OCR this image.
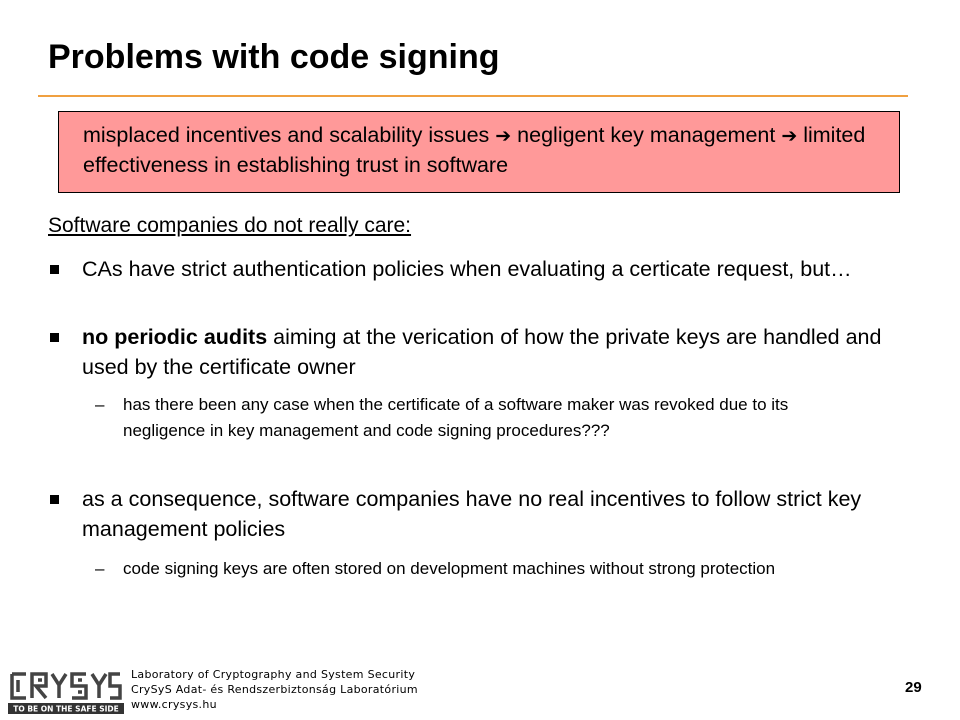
Problems with code signing
misplaced incentives and scalability issues ➔ negligent key management ➔ limited effectiveness in establishing trust in software
Software companies do not really care:
CAs have strict authentication policies when evaluating a certicate request, but…
no periodic audits aiming at the verication of how the private keys are handled and used by the certificate owner
– has there been any case when the certificate of a software maker was revoked due to its negligence in key management and code signing procedures???
as a consequence, software companies have no real incentives to follow strict key management policies
– code signing keys are often stored on development machines without strong protection
TO BE ON THE SAFE SIDE
Laboratory of Cryptography and System Security
CrySyS Adat- és Rendszerbiztonság Laboratórium
www.crysys.hu
29
